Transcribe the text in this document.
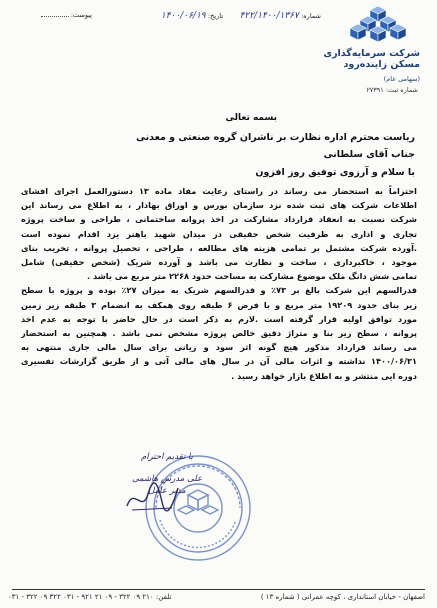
شرکت سرمایه‌گذاری
مسکن زاینده‌رود
(سهامی عام)
شماره ثبت: ۲۷۳۹۱
شماره: ۴۲۲/۱۴۰۰/۱۳۶۷
تاریخ: ۱۴۰۰/۰۶/۱۹
پیوست:
بسمه تعالی
ریاست محترم اداره نظارت بر ناشران گروه صنعتی و معدنی
جناب آقای سلطانی
با سلام و آرزوی توفیق روز افزون
احتراماً به استحضار می رساند در راستای رعایت مفاد ماده ۱۳ دستورالعمل اجرای افشای
اطلاعات شرکت های ثبت شده نزد سازمان بورس و اوراق بهادار ، به اطلاع می رساند این
شرکت نسبت به انعقاد قرارداد مشارکت در اخذ پروانه ساختمانی ، طراحی و ساخت پروژه
تجاری و اداری به طرفیت شخص حقیقی در میدان شهید باهنر یزد اقدام نموده است
.آورده شرکت مشتمل بر تمامی هزینه های مطالعه ، طراحی ، تحصیل پروانه ، تخریب بنای
موجود ، خاکبرداری ، ساخت و نظارت می باشد و آورده شریک (شخص حقیقی) شامل
تمامی شش دانگ ملک موضوع مشارکت به مساحت حدود ۲۲۶۸ متر مربع می باشد .
قدرالسهم این شرکت بالغ بر ۷۳٪ و قدرالسهم شریک به میزان ۲۷٪ بوده و پروژه با سطح
زیر بنای حدود ۱۹۲۰۹ متر مربع و با فرض ۶ طبقه روی همکف به انضمام ۳ طبقه زیر زمین
مورد توافق اولیه قرار گرفته است .لازم به ذکر است در حال حاضر با توجه به عدم اخذ
پروانه ، سطح زیر بنا و متراژ دقیق خالص پروژه مشخص نمی باشد . همچنین به استحضار
می رساند قرارداد مذکور هیچ گونه اثر سود و زیانی برای سال مالی جاری منتهی به
۱۴۰۰/۰۶/۳۱ نداشته و اثرات مالی آن در سال های مالی آتی و از طریق گزارشات تفسیری
دوره ایی منتشر و به اطلاع بازار خواهد رسید .
با تقدیم احترام
علی مدرس هاشمی
مدیر عامل
اصفهان - خیابان استانداری ، کوچه عمرانی ( شماره ۱۳ )
تلفن: ۲۱۰ ۰۹ ۳۲۲ - ۰۹ ۲۱ ۹۲۱ - ۰۳۱ ۳۲۲ ۰۹ ۳۲۲ - ۰۳۱
